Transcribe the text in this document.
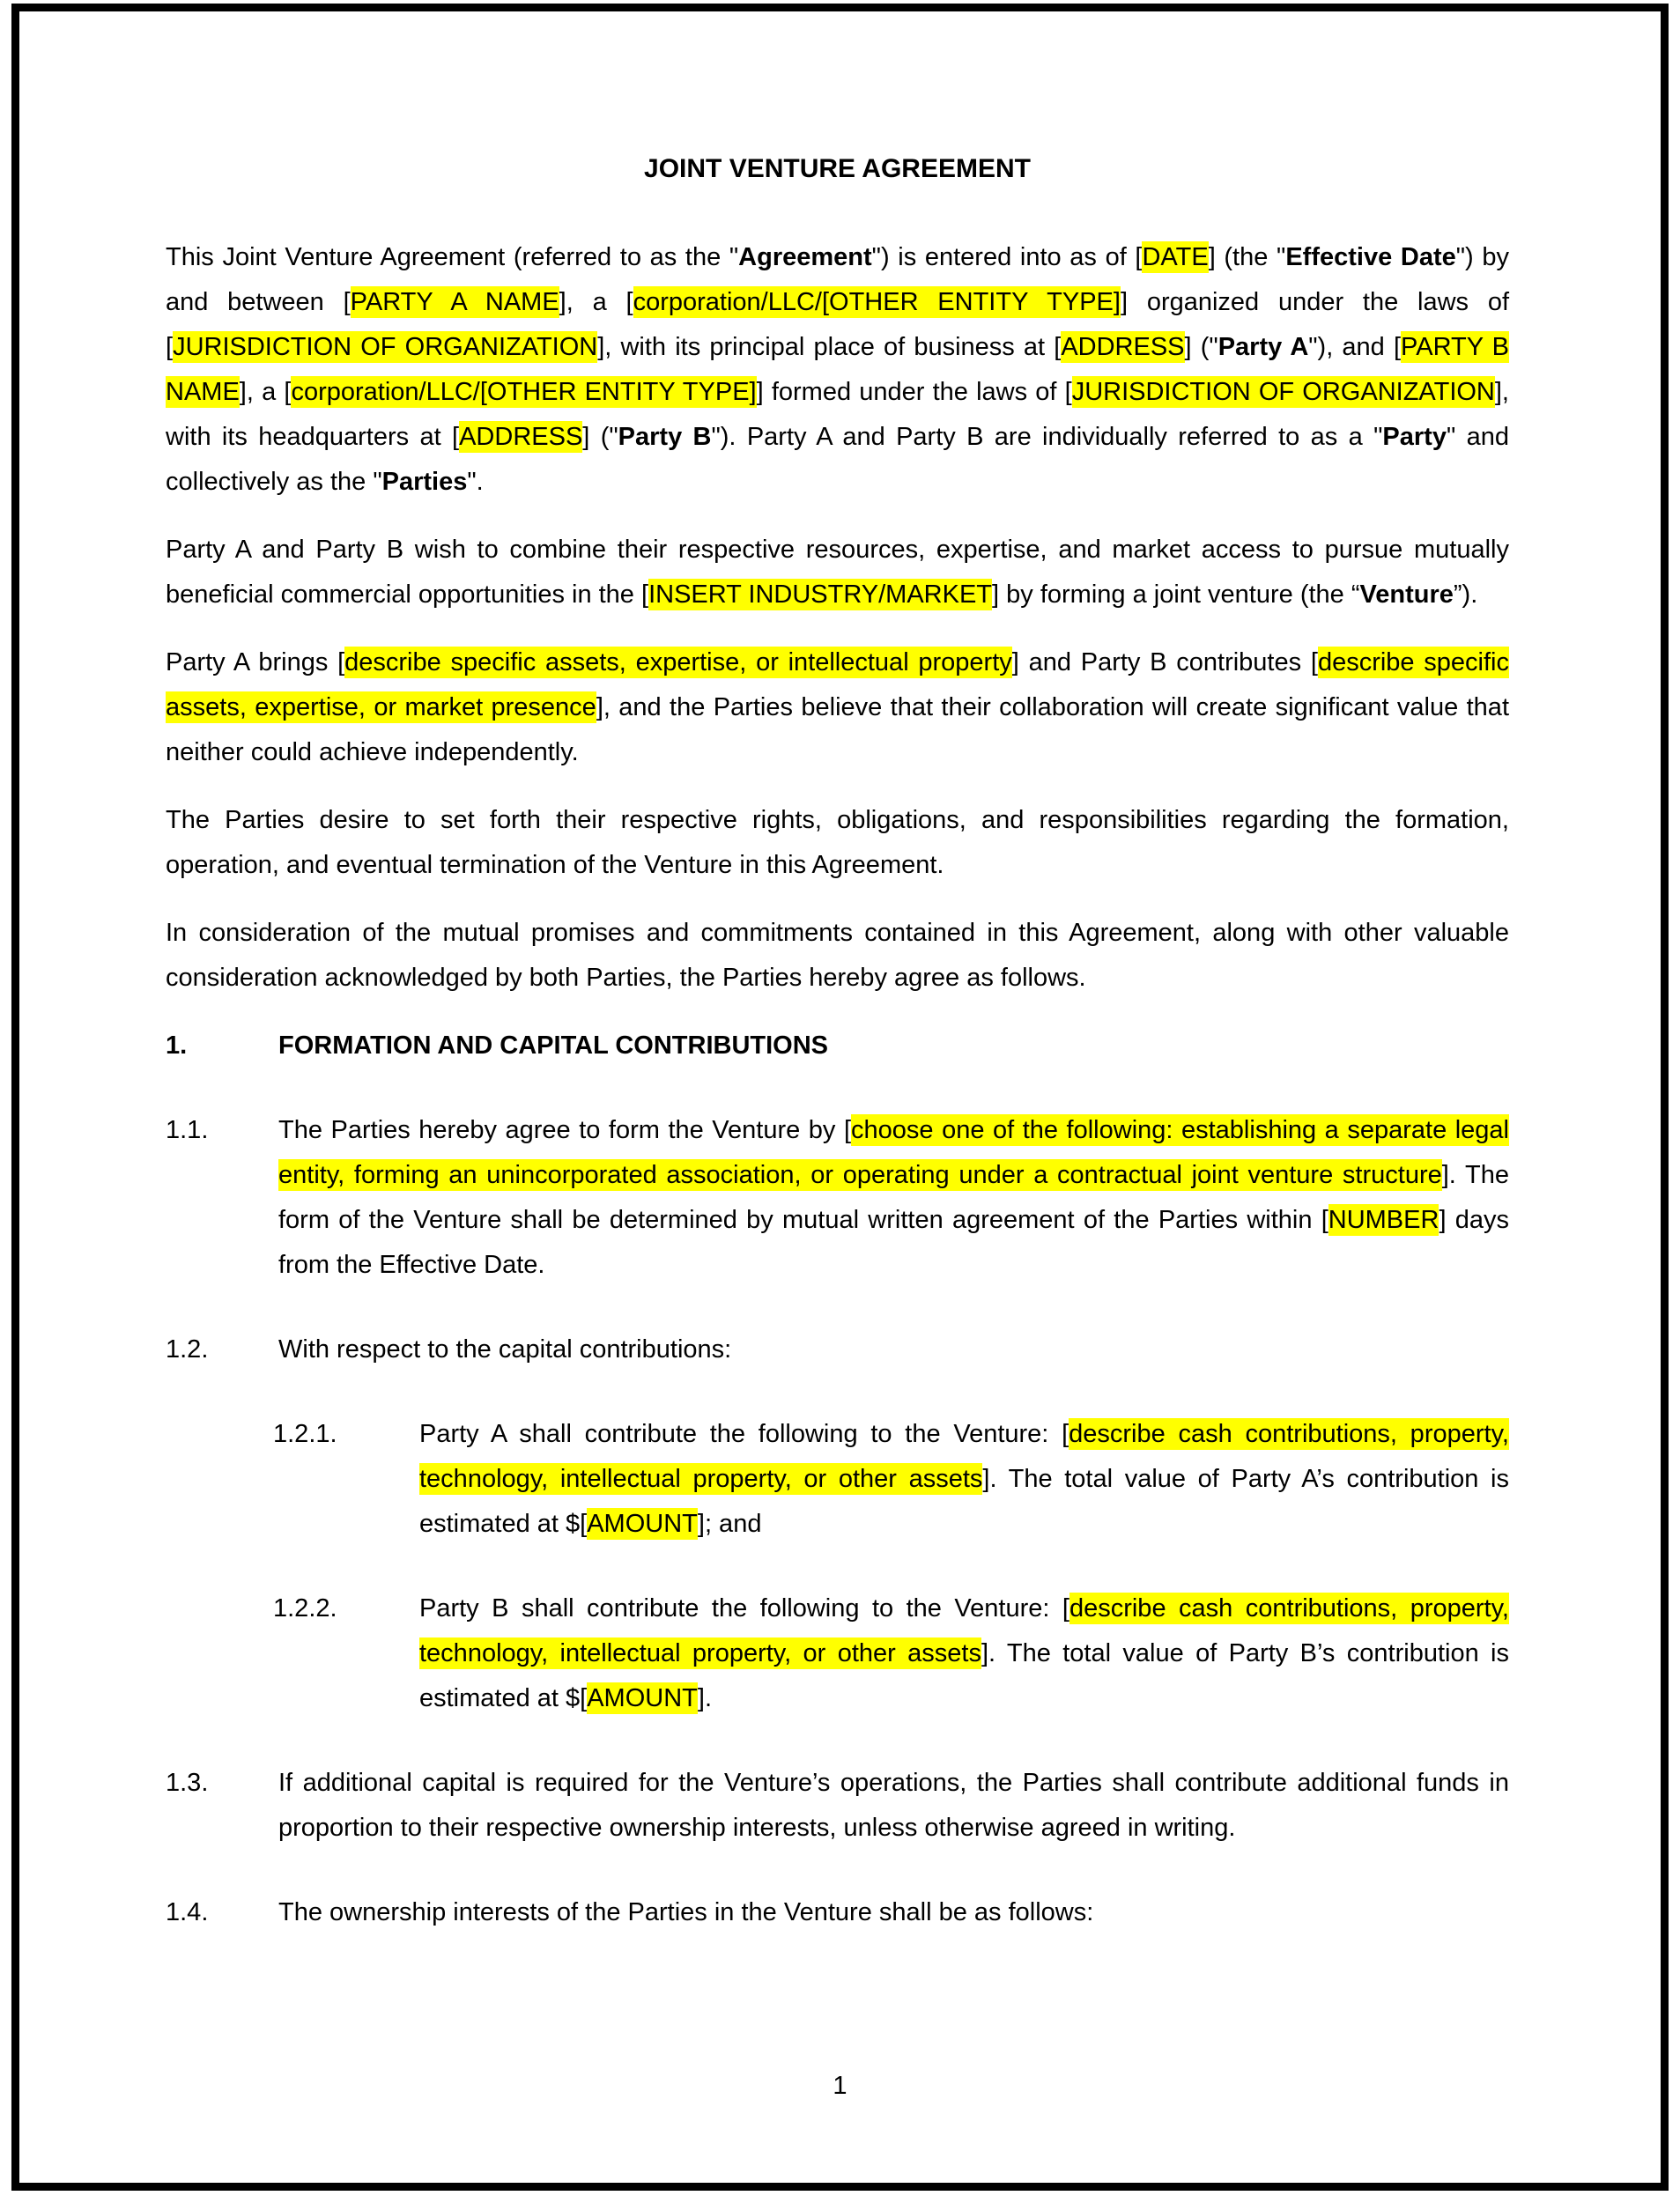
JOINT VENTURE AGREEMENT
This Joint Venture Agreement (referred to as the "Agreement") is entered into as of [DATE] (the "Effective Date") by and between [PARTY A NAME], a [corporation/LLC/[OTHER ENTITY TYPE]] organized under the laws of [JURISDICTION OF ORGANIZATION], with its principal place of business at [ADDRESS] ("Party A"), and [PARTY B NAME], a [corporation/LLC/[OTHER ENTITY TYPE]] formed under the laws of [JURISDICTION OF ORGANIZATION], with its headquarters at [ADDRESS] ("Party B"). Party A and Party B are individually referred to as a "Party" and collectively as the "Parties".
Party A and Party B wish to combine their respective resources, expertise, and market access to pursue mutually beneficial commercial opportunities in the [INSERT INDUSTRY/MARKET] by forming a joint venture (the “Venture”).
Party A brings [describe specific assets, expertise, or intellectual property] and Party B contributes [describe specific assets, expertise, or market presence], and the Parties believe that their collaboration will create significant value that neither could achieve independently.
The Parties desire to set forth their respective rights, obligations, and responsibilities regarding the formation, operation, and eventual termination of the Venture in this Agreement.
In consideration of the mutual promises and commitments contained in this Agreement, along with other valuable consideration acknowledged by both Parties, the Parties hereby agree as follows.
1.	FORMATION AND CAPITAL CONTRIBUTIONS
1.1.	The Parties hereby agree to form the Venture by [choose one of the following: establishing a separate legal entity, forming an unincorporated association, or operating under a contractual joint venture structure]. The form of the Venture shall be determined by mutual written agreement of the Parties within [NUMBER] days from the Effective Date.
1.2.	With respect to the capital contributions:
1.2.1.	Party A shall contribute the following to the Venture: [describe cash contributions, property, technology, intellectual property, or other assets]. The total value of Party A’s contribution is estimated at $[AMOUNT]; and
1.2.2.	Party B shall contribute the following to the Venture: [describe cash contributions, property, technology, intellectual property, or other assets]. The total value of Party B’s contribution is estimated at $[AMOUNT].
1.3.	If additional capital is required for the Venture’s operations, the Parties shall contribute additional funds in proportion to their respective ownership interests, unless otherwise agreed in writing.
1.4.	The ownership interests of the Parties in the Venture shall be as follows:
1
